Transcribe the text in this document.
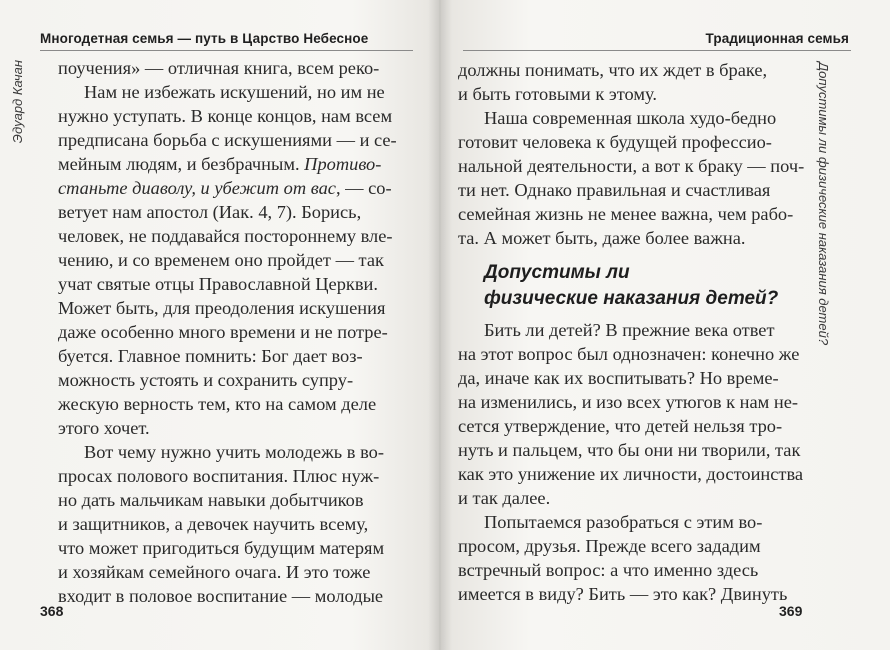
Многодетная семья — путь в Царство Небесное
Эдуард Качан поучения» — отличная книга, всем реко-
Нам не избежать искушений, но им не
нужно уступать. В конце концов, нам всем
предписана борьба с искушениями — и се-
мейным людям, и безбрачным. Противо-
станьте диаволу, и убежит от вас, — со-
ветует нам апостол (Иак. 4, 7). Борись,
человек, не поддавайся постороннему вле-
чению, и со временем оно пройдет — так
учат святые отцы Православной Церкви.
Может быть, для преодоления искушения
даже особенно много времени и не потре-
буется. Главное помнить: Бог дает воз-
можность устоять и сохранить супру-
жескую верность тем, кто на самом деле
этого хочет.
Вот чему нужно учить молодежь в во-
просах полового воспитания. Плюс нуж-
но дать мальчикам навыки добытчиков
и защитников, а девочек научить всему,
что может пригодиться будущим матерям
и хозяйкам семейного очага. И это тоже
входит в половое воспитание — молодые
368
Традиционная семья
Допустимы ли физические наказания детей?
должны понимать, что их ждет в браке,
и быть готовыми к этому.
Наша современная школа худо-бедно
готовит человека к будущей профессио-
нальной деятельности, а вот к браку — поч-
ти нет. Однако правильная и счастливая
семейная жизнь не менее важна, чем рабо-
та. А может быть, даже более важна.
Допустимы ли
физические наказания детей?
Бить ли детей? В прежние века ответ
на этот вопрос был однозначен: конечно же
да, иначе как их воспитывать? Но време-
на изменились, и изо всех утюгов к нам не-
сется утверждение, что детей нельзя тро-
нуть и пальцем, что бы они ни творили, так
как это унижение их личности, достоинства
и так далее.
Попытаемся разобраться с этим во-
просом, друзья. Прежде всего зададим
встречный вопрос: а что именно здесь
имеется в виду? Бить — это как? Двинуть
369
